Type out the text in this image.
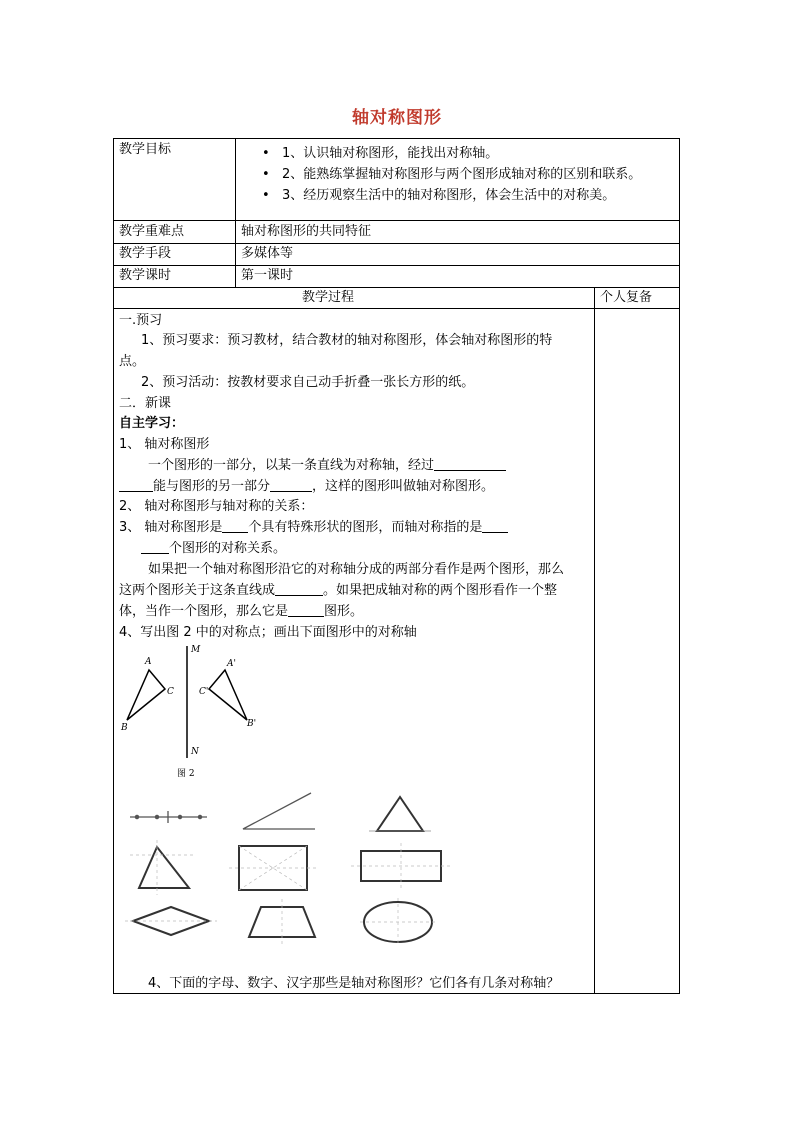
轴对称图形
教学目标	• 1、认识轴对称图形，能找出对称轴。
• 2、能熟练掌握轴对称图形与两个图形成轴对称的区别和联系。
• 3、经历观察生活中的轴对称图形，体会生活中的对称美。
教学重难点	轴对称图形的共同特征
教学手段	多媒体等
教学课时	第一课时
教学过程	个人复备
一.预习
1、预习要求：预习教材，结合教材的轴对称图形，体会轴对称图形的特
点。
2、预习活动：按教材要求自己动手折叠一张长方形的纸。
二．新课
自主学习：
1、 轴对称图形
一个图形的一部分，以某一条直线为对称轴，经过
能与图形的另一部分	，这样的图形叫做轴对称图形。
2、 轴对称图形与轴对称的关系：
3、 轴对称图形是 个具有特殊形状的图形，而轴对称指的是
个图形的对称关系。
如果把一个轴对称图形沿它的对称轴分成的两部分看作是两个图形，那么
这两个图形关于这条直线成	。如果把成轴对称的两个图形看作一个整
体，当作一个图形，那么它是	图形。
4、写出图 2 中的对称点；画出下面图形中的对称轴
A
B
C
A'
B'
C'
M
N
图 2
4、下面的字母、数字、汉字那些是轴对称图形？它们各有几条对称轴？
